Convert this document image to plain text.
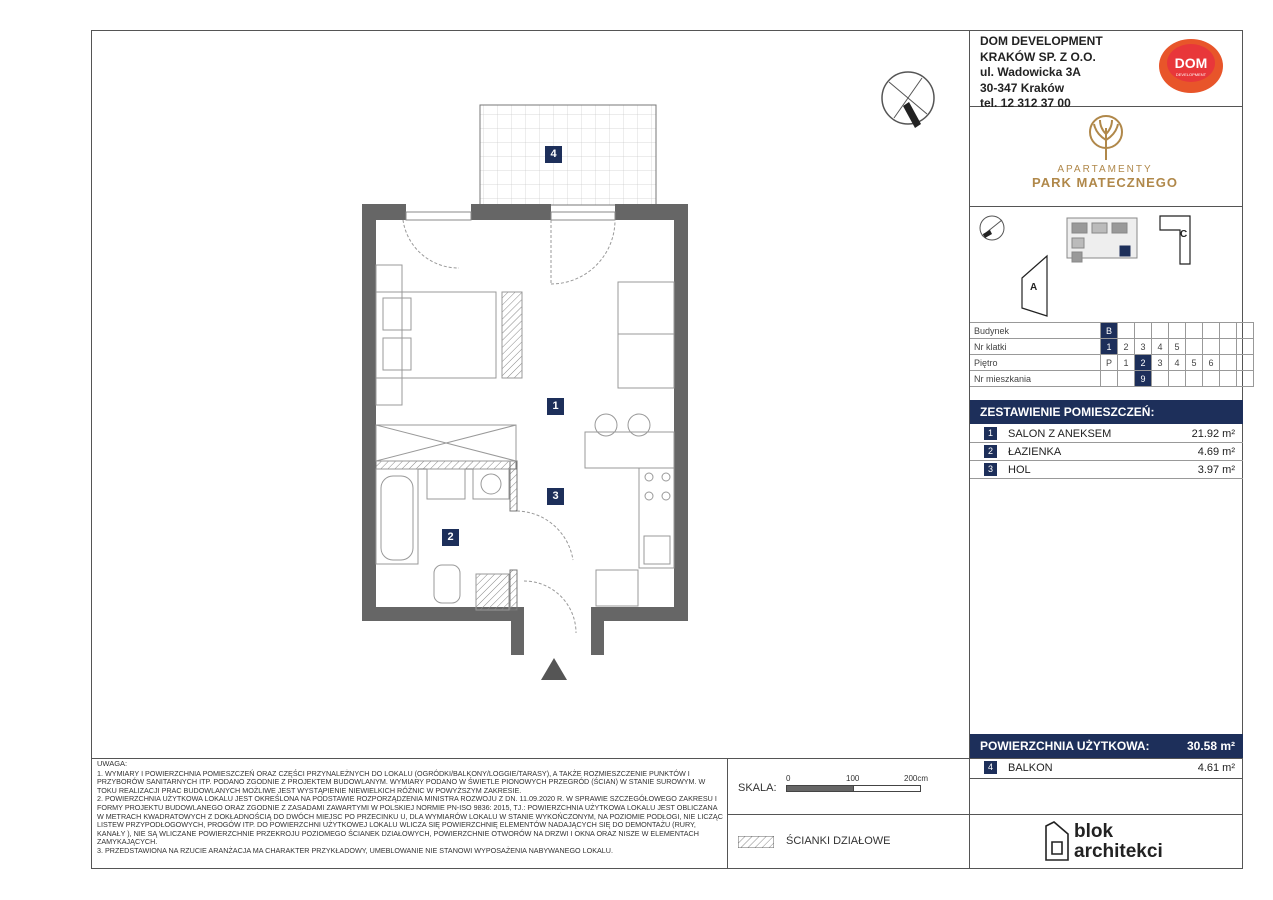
1
2
3
4
DOM DEVELOPMENT
KRAKÓW SP. Z O.O.
ul. Wadowicka 3A
30-347 Kraków
tel. 12 312 37 00
DOM
DEVELOPMENT
APARTAMENTY
PARK MATECZNEGO
C
A
Budynek	B								
Nr klatki	1	2	3	4	5				
Piętro	P	1	2	3	4	5	6		
Nr mieszkania			9						
ZESTAWIENIE POMIESZCZEŃ:
1	SALON Z ANEKSEM	21.92 m²
2	ŁAZIENKA	4.69 m²
3	HOL	3.97 m²
POWIERZCHNIA UŻYTKOWA:	30.58 m²
4	BALKON	4.61 m²
UWAGA:

1. WYMIARY I POWIERZCHNIA POMIESZCZEŃ ORAZ CZĘŚCI PRZYNALEŻNYCH DO LOKALU (OGRÓDKI/BALKONY/LOGGIE/TARASY), A TAKŻE ROZMIESZCZENIE PUNKTÓW I PRZYBORÓW SANITARNYCH ITP. PODANO ZGODNIE Z PROJEKTEM BUDOWLANYM. WYMIARY PODANO W ŚWIETLE PIONOWYCH PRZEGRÓD (ŚCIAN) W STANIE SUROWYM. W TOKU REALIZACJI PRAC BUDOWLANYCH MOŻLIWE JEST WYSTĄPIENIE NIEWIELKICH RÓŻNIC W POWYŻSZYM ZAKRESIE.

2. POWIERZCHNIA UŻYTKOWA LOKALU JEST OKREŚLONA NA PODSTAWIE ROZPORZĄDZENIA MINISTRA ROZWOJU Z DN. 11.09.2020 R. W SPRAWIE SZCZEGÓŁOWEGO ZAKRESU I FORMY PROJEKTU BUDOWLANEGO ORAZ ZGODNIE Z ZASADAMI ZAWARTYMI W POLSKIEJ NORMIE PN-ISO 9836: 2015, TJ.: POWIERZCHNIA UŻYTKOWA LOKALU JEST OBLICZANA W METRACH KWADRATOWYCH Z DOKŁADNOŚCIĄ DO DWÓCH MIEJSC PO PRZECINKU U, DLA WYMIARÓW LOKALU W STANIE WYKOŃCZONYM, NA POZIOMIE PODŁOGI, NIE LICZĄC LISTEW PRZYPODŁOGOWYCH, PROGÓW ITP. DO POWIERZCHNI UŻYTKOWEJ LOKALU WLICZA SIĘ POWIERZCHNIĘ ELEMENTÓW NADAJĄCYCH SIĘ DO DEMONTAŻU (RURY, KANAŁY ), NIE SĄ WLICZANE POWIERZCHNIE PRZEKROJU POZIOMEGO ŚCIANEK DZIAŁOWYCH, POWIERZCHNIE OTWORÓW NA DRZWI I OKNA ORAZ NISZE W ELEMENTACH ZAMYKAJĄCYCH.

3. PRZEDSTAWIONA NA RZUCIE ARANŻACJA MA CHARAKTER PRZYKŁADOWY, UMEBLOWANIE NIE STANOWI WYPOSAŻENIA NABYWANEGO LOKALU.

SKALA:
0	100	200cm
ŚCIANKI DZIAŁOWE	blok
architekci
